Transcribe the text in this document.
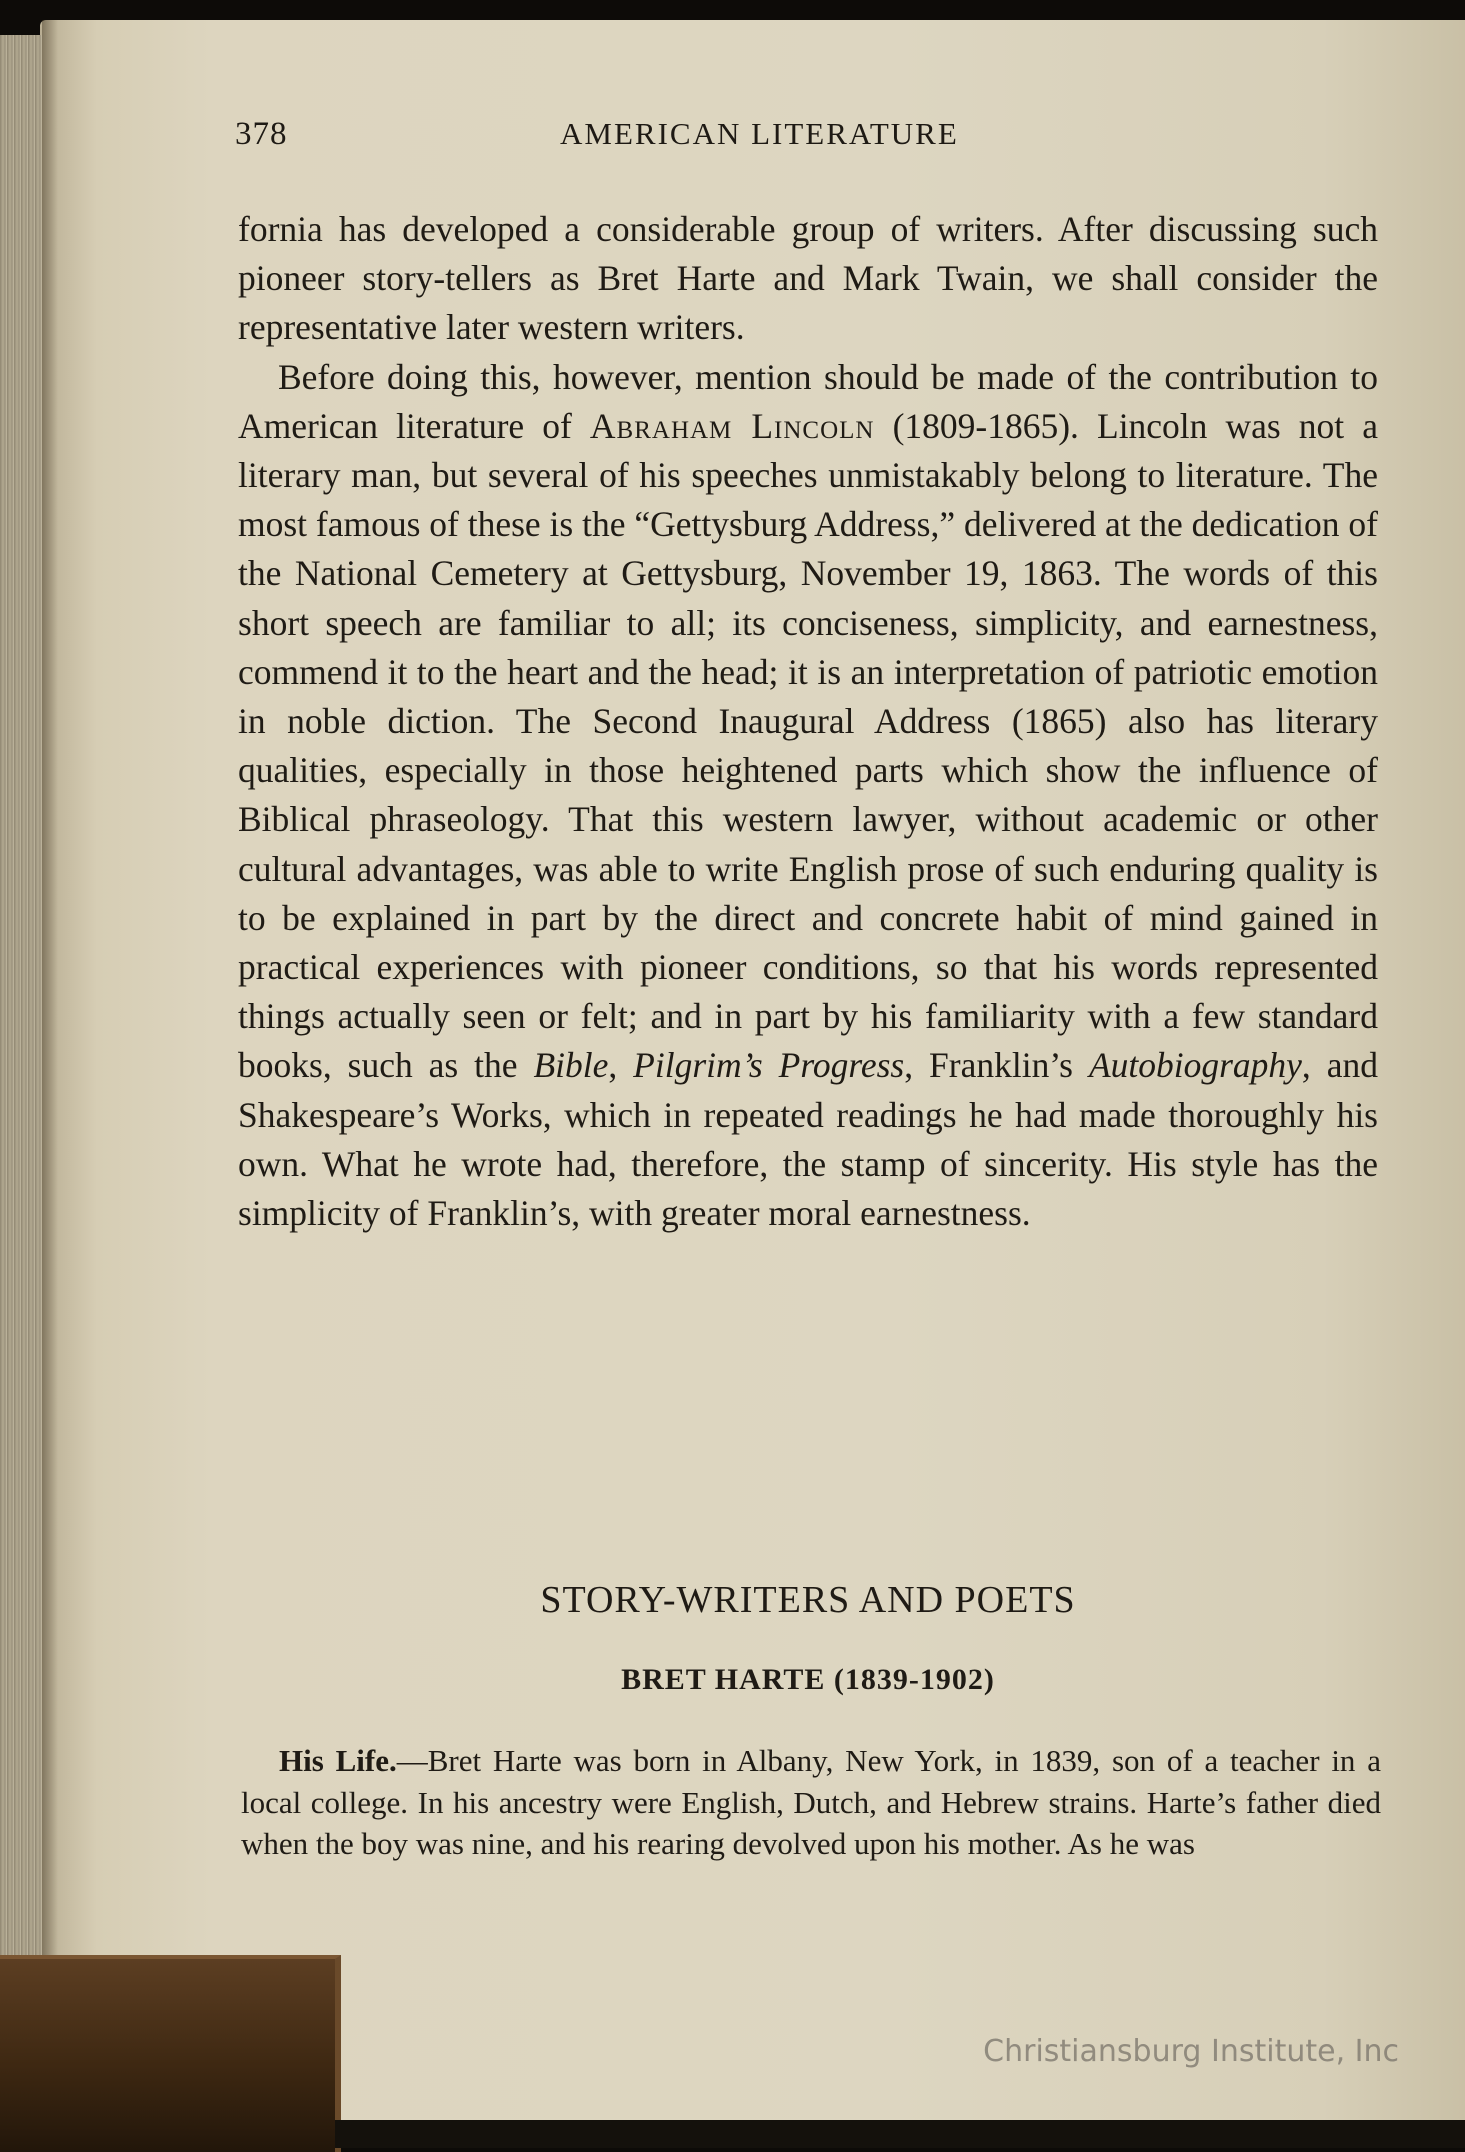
378	AMERICAN LITERATURE

fornia has developed a considerable group of writers. After discussing such pioneer story-tellers as Bret Harte and Mark Twain, we shall consider the representative later western writers.

Before doing this, however, mention should be made of the contribution to American literature of Abraham Lincoln (1809-1865). Lincoln was not a literary man, but several of his speeches unmistakably belong to literature. The most famous of these is the “Gettysburg Address,” delivered at the dedication of the National Cemetery at Gettysburg, November 19, 1863. The words of this short speech are familiar to all; its conciseness, simplicity, and earnestness, commend it to the heart and the head; it is an interpretation of patriotic emotion in noble diction. The Second Inaugural Address (1865) also has literary qualities, especially in those heightened parts which show the influence of Biblical phraseology. That this western lawyer, without academic or other cultural advantages, was able to write English prose of such enduring quality is to be explained in part by the direct and concrete habit of mind gained in practical experiences with pioneer conditions, so that his words represented things actually seen or felt; and in part by his familiarity with a few standard books, such as the Bible, Pilgrim’s Progress, Franklin’s Autobiography, and Shakespeare’s Works, which in repeated readings he had made thoroughly his own. What he wrote had, therefore, the stamp of sincerity. His style has the simplicity of Franklin’s, with greater moral earnestness.

STORY-WRITERS AND POETS
BRET HARTE (1839-1902)

His Life.—Bret Harte was born in Albany, New York, in 1839, son of a teacher in a local college. In his ancestry were English, Dutch, and Hebrew strains. Harte’s father died when the boy was nine, and his rearing devolved upon his mother. As he was

Christiansburg Institute, Inc
